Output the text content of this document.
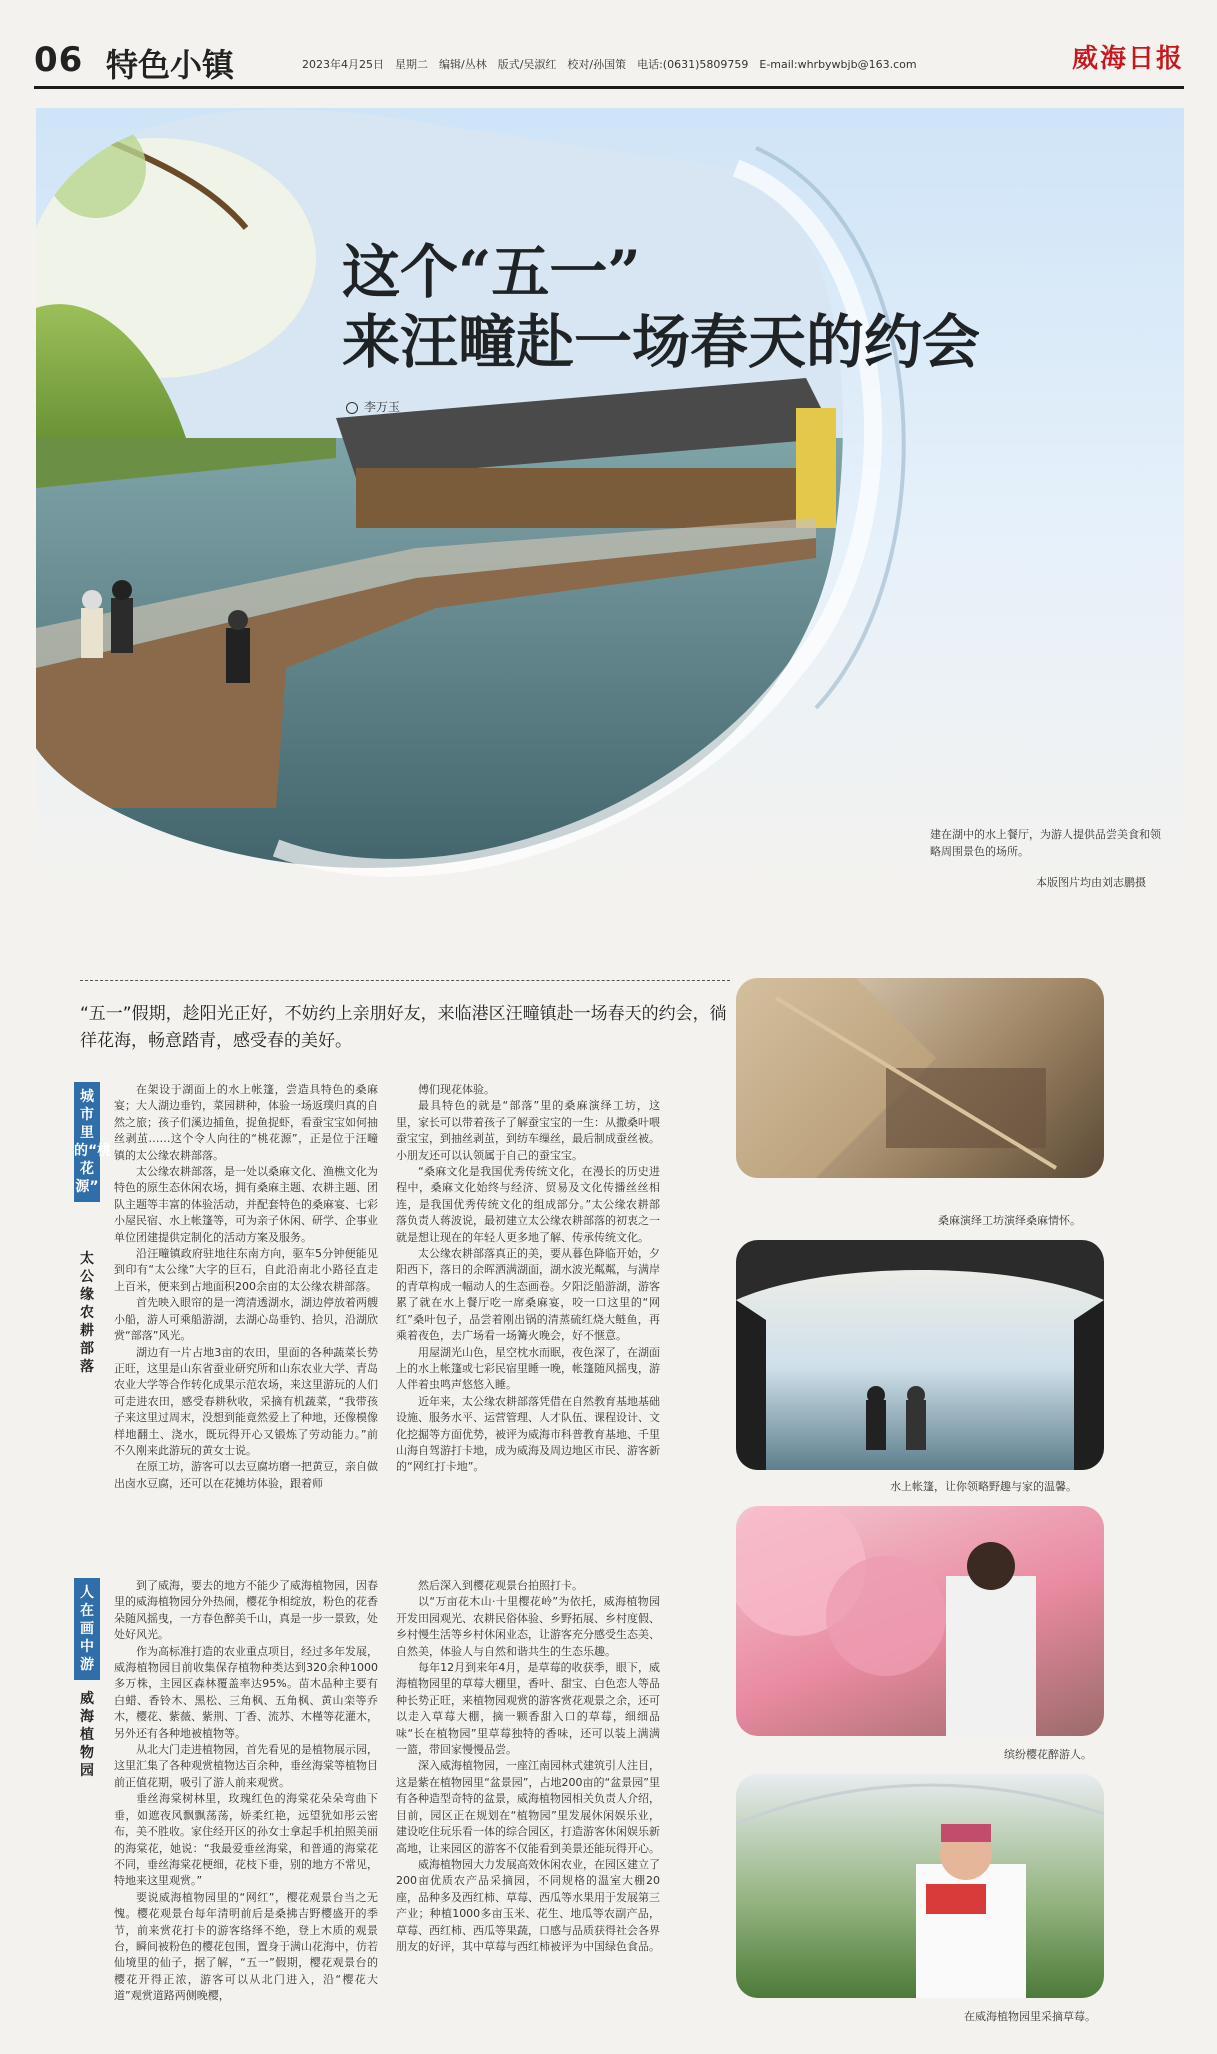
06 特色小镇	2023年4月25日　星期二　编辑/丛林　版式/吴淑红　校对/孙国策　电话:(0631)5809759　E-mail:whrbywbjb@163.com	威海日报
这个“五一”
来汪疃赴一场春天的约会
李万玉
建在湖中的水上餐厅，为游人提供品尝美食和领略周围景色的场所。
本版图片均由刘志鹏摄
“五一”假期，趁阳光正好，不妨约上亲朋好友，来临港区汪疃镇赴一场春天的约会，徜徉花海，畅意踏青，感受春的美好。
城市里的“桃花源”
太公缘农耕部落

在架设于湖面上的水上帐篷，尝造具特色的桑麻宴；大人湖边垂钓，菜园耕种，体验一场返璞归真的自然之旅；孩子们溪边捕鱼，捉鱼捉虾，看蚕宝宝如何抽丝剥茧……这个令人向往的“桃花源”，正是位于汪疃镇的太公缘农耕部落。

太公缘农耕部落，是一处以桑麻文化、渔樵文化为特色的原生态休闲农场，拥有桑麻主题、农耕主题、团队主题等丰富的体验活动，并配套特色的桑麻宴、七彩小屋民宿、水上帐篷等，可为亲子休闲、研学、企事业单位团建提供定制化的活动方案及服务。

沿汪疃镇政府驻地往东南方向，驱车5分钟便能见到印有“太公缘”大字的巨石，自此沿南北小路径直走上百米，便来到占地面积200余亩的太公缘农耕部落。

首先映入眼帘的是一湾清透湖水，湖边停放着两艘小船，游人可乘船游湖，去湖心岛垂钓、拾贝，沿湖欣赏“部落”风光。

湖边有一片占地3亩的农田，里面的各种蔬菜长势正旺，这里是山东省蚕业研究所和山东农业大学、青岛农业大学等合作转化成果示范农场，来这里游玩的人们可走进农田，感受春耕秋收，采摘有机蔬菜，“我带孩子来这里过周末，没想到能竟然爱上了种地，还像模像样地翻土、浇水，既玩得开心又锻炼了劳动能力。”前不久刚来此游玩的黄女士说。

在原工坊，游客可以去豆腐坊磨一把黄豆，亲自做出卤水豆腐，还可以在花摊坊体验，跟着师

傅们现花体验。

最具特色的就是“部落”里的桑麻演绎工坊，这里，家长可以带着孩子了解蚕宝宝的一生：从撒桑叶喂蚕宝宝，到抽丝剥茧，到纺车缫丝，最后制成蚕丝被。小朋友还可以认领属于自己的蚕宝宝。

“桑麻文化是我国优秀传统文化，在漫长的历史进程中，桑麻文化始终与经济、贸易及文化传播丝丝相连，是我国优秀传统文化的组成部分。”太公缘农耕部落负责人蒋波说，最初建立太公缘农耕部落的初衷之一就是想让现在的年轻人更多地了解、传承传统文化。

太公缘农耕部落真正的美，要从暮色降临开始，夕阳西下，落日的余晖洒满湖面，湖水波光粼粼，与满岸的青草构成一幅动人的生态画卷。夕阳泛船游湖，游客累了就在水上餐厅吃一席桑麻宴，咬一口这里的“网红”桑叶包子，品尝着刚出锅的清蒸硫红烧大鲢鱼，再乘着夜色，去广场看一场篝火晚会，好不惬意。

用屋湖光山色，星空枕水而眠，夜色深了，在湖面上的水上帐篷或七彩民宿里睡一晚，帐篷随风摇曳，游人伴着虫鸣声悠悠入睡。

近年来，太公缘农耕部落凭借在自然教育基地基础设施、服务水平、运营管理、人才队伍、课程设计、文化挖掘等方面优势，被评为威海市科普教育基地、千里山海自驾游打卡地，成为威海及周边地区市民、游客新的“网红打卡地”。

人在画中游
威海植物园

到了威海，要去的地方不能少了威海植物园，因春里的威海植物园分外热闹，樱花争相绽放，粉色的花香朵随风摇曳，一方春色醉美千山，真是一步一景致，处处好风光。

作为高标准打造的农业重点项目，经过多年发展，威海植物园目前收集保存植物种类达到320余种1000多万株，主园区森林覆盖率达95%。苗木品种主要有白蜡、香铃木、黑松、三角枫、五角枫、黄山栾等乔木，樱花、紫薇、紫荆、丁香、流苏、木槿等花灌木，另外还有各种地被植物等。

从北大门走进植物园，首先看见的是植物展示园，这里汇集了各种观赏植物达百余种，垂丝海棠等植物目前正值花期，吸引了游人前来观赏。

垂丝海棠树林里，玫瑰红色的海棠花朵朵弯曲下垂，如遮夜风飘飘荡荡，娇柔红艳，远望犹如彤云密布，美不胜收。家住经开区的孙女士拿起手机拍照美丽的海棠花，她说：“我最爱垂丝海棠，和普通的海棠花不同，垂丝海棠花梗细，花枝下垂，别的地方不常见，特地来这里观赏。”

要说威海植物园里的“网红”，樱花观景台当之无愧。樱花观景台每年清明前后是桑拂吉野樱盛开的季节，前来赏花打卡的游客络绎不绝，登上木质的观景台，瞬间被粉色的樱花包围，置身于满山花海中，仿若仙境里的仙子，据了解，“五一”假期，樱花观景台的樱花开得正浓，游客可以从北门进入，沿“樱花大道”观赏道路两侧晚樱，

然后深入到樱花观景台拍照打卡。

以“万亩花木山·十里樱花岭”为依托，威海植物园开发田园观光、农耕民俗体验、乡野拓展、乡村度假、乡村慢生活等乡村休闲业态，让游客充分感受生态美、自然美，体验人与自然和谐共生的生态乐趣。

每年12月到来年4月，是草莓的收获季，眼下，威海植物园里的草莓大棚里，香叶、甜宝、白色恋人等品种长势正旺，来植物园观赏的游客赏花观景之余，还可以走入草莓大棚，摘一颗香甜入口的草莓，细细品味“长在植物园”里草莓独特的香味，还可以装上满满一篮，带回家慢慢品尝。

深入威海植物园，一座江南园林式建筑引人注目，这是紫在植物园里“盆景园”，占地200亩的“盆景园”里有各种造型奇特的盆景，威海植物园相关负责人介绍，目前，园区正在规划在“植物园”里发展休闲娱乐业，建设吃住玩乐看一体的综合园区，打造游客休闲娱乐新高地，让来园区的游客不仅能看到美景还能玩得开心。

威海植物园大力发展高效休闲农业，在园区建立了200亩优质农产品采摘园，不同规格的温室大棚20座，品种多及西红柿、草莓、西瓜等水果用于发展第三产业；种植1000多亩玉米、花生、地瓜等农副产品，草莓、西红柿、西瓜等果蔬，口感与品质获得社会各界朋友的好评，其中草莓与西红柿被评为中国绿色食品。

桑麻演绎工坊演绎桑麻情怀。
水上帐篷，让你领略野趣与家的温馨。
缤纷樱花醉游人。
在威海植物园里采摘草莓。
